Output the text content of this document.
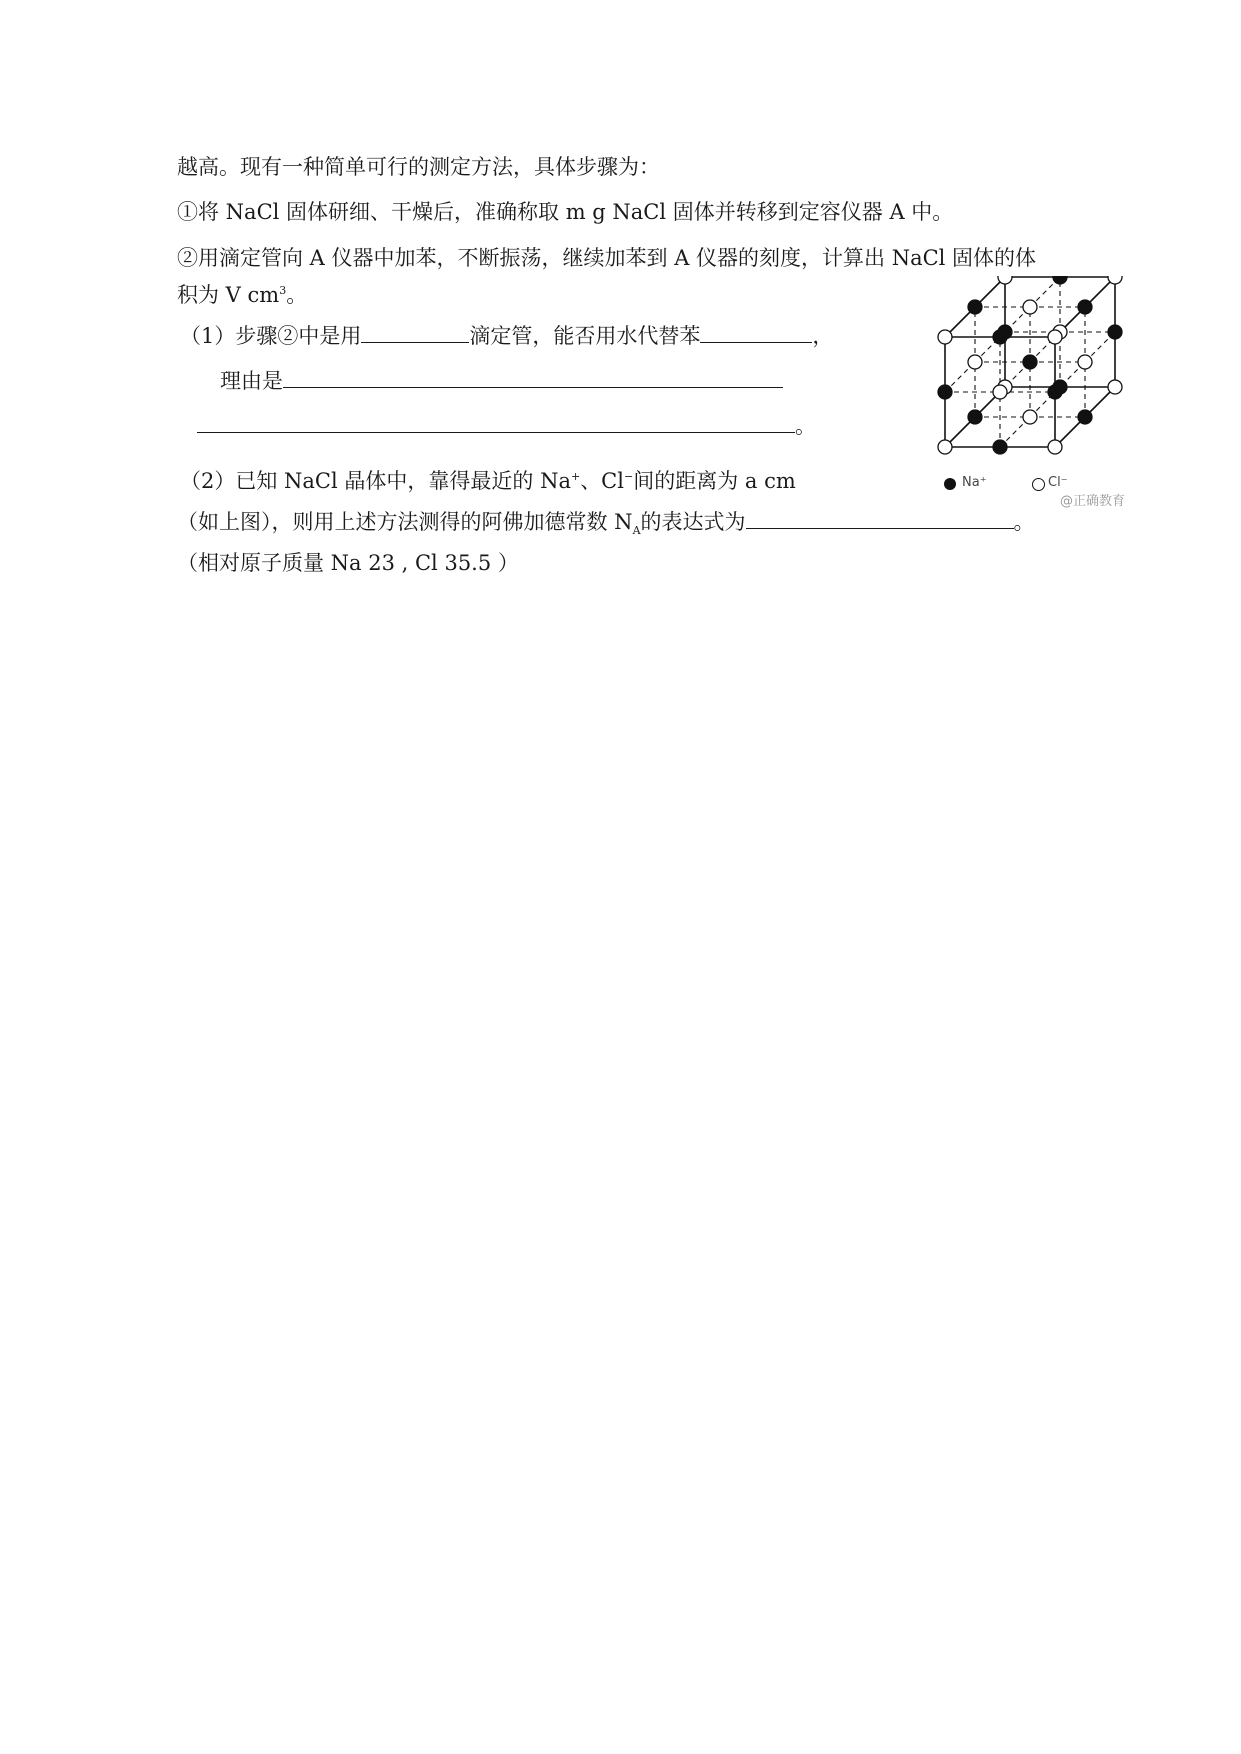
越高。现有一种简单可行的测定方法，具体步骤为：
①将 NaCl 固体研细、干燥后，准确称取 m g NaCl 固体并转移到定容仪器 A 中。
②用滴定管向 A 仪器中加苯，不断振荡，继续加苯到 A 仪器的刻度，计算出 NaCl 固体的体
积为 V $cm^3$。
（1）步骤②中是用	滴定管，能否用水代替苯	，
理由是
。
（2）已知 NaCl 晶体中，靠得最近的 Na+、Cl−间的距离为 a cm
（如上图），则用上述方法测得的阿佛加德常数 $N_A$的表达式为	。
（相对原子质量 Na 23 , Cl 35.5 ）
Na⁺	Cl⁻
@正确教育
